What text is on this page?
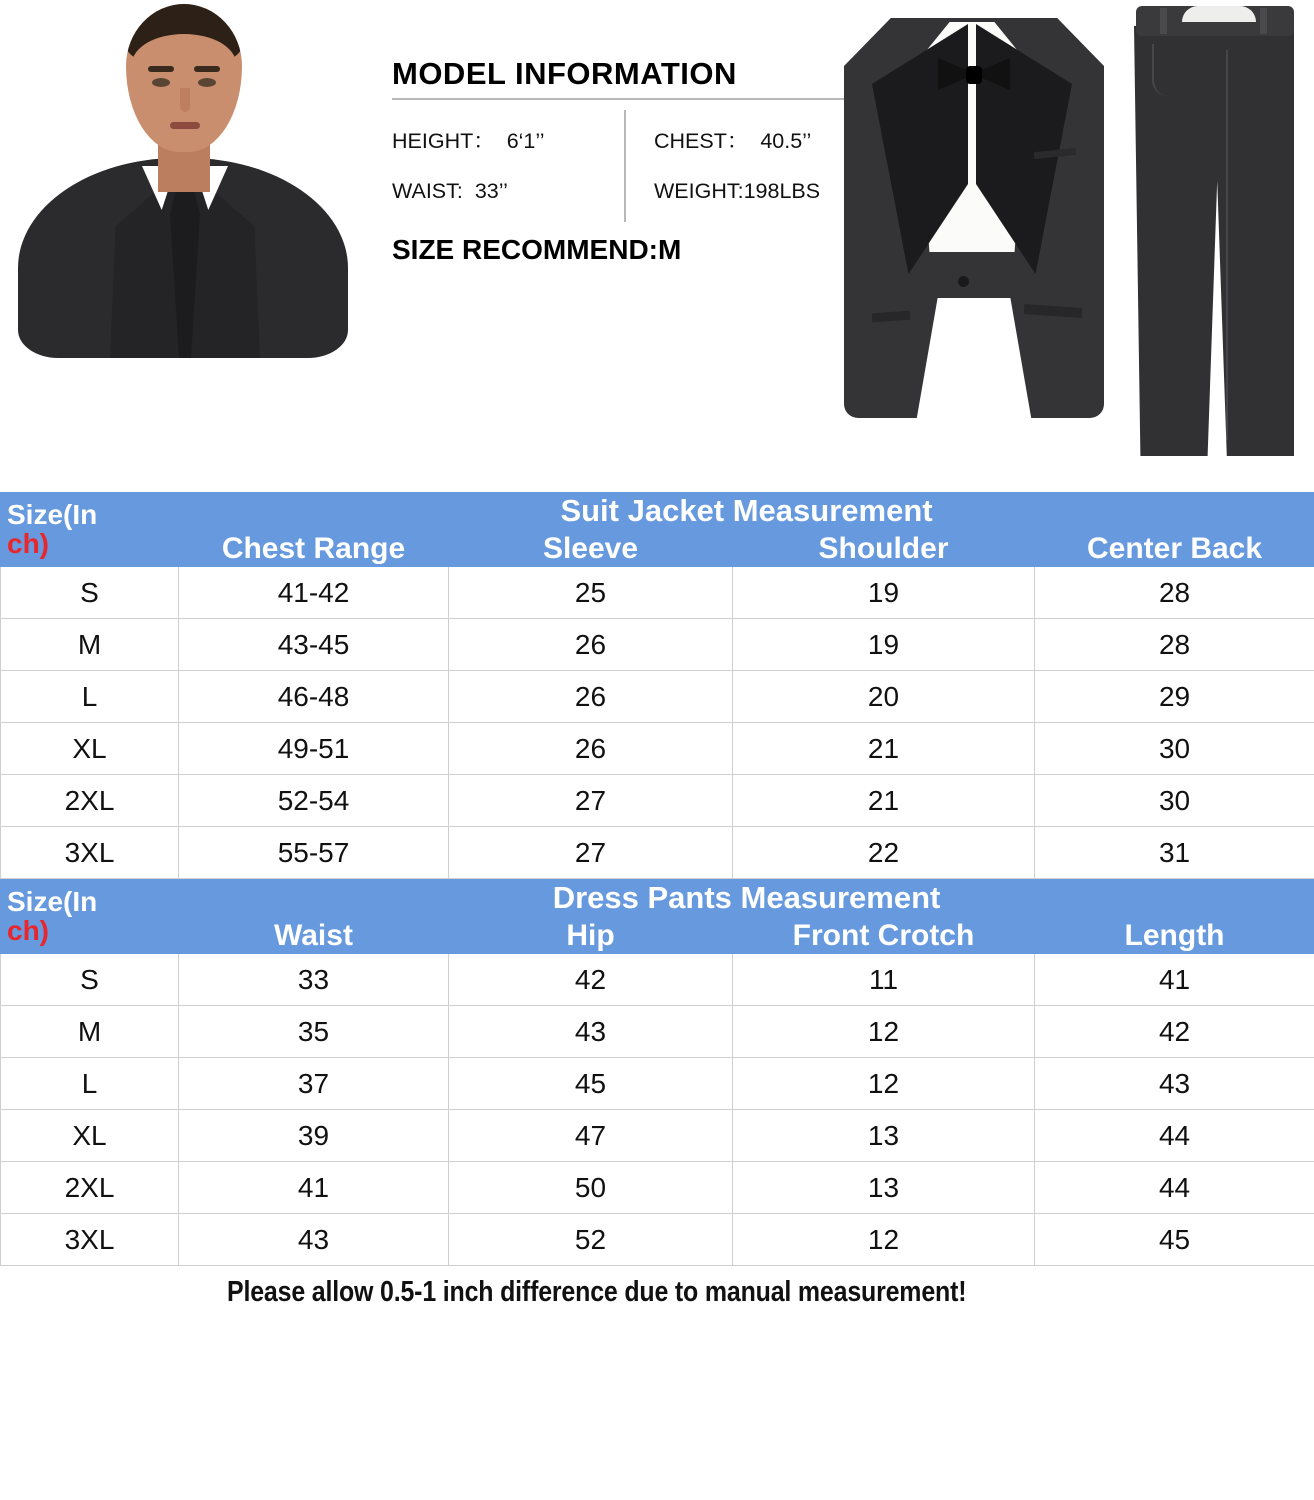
MODEL INFORMATION
HEIGHT： 6‘1’’
WAIST: 33’’
CHEST： 40.5’’
WEIGHT:198LBS
SIZE RECOMMEND:M
Size(In
ch)	Suit Jacket Measurement			
	Chest Range	Sleeve	Shoulder	Center Back
S	41-42	25	19	28
M	43-45	26	19	28
L	46-48	26	20	29
XL	49-51	26	21	30
2XL	52-54	27	21	30
3XL	55-57	27	22	31
Size(In
ch)	Dress Pants Measurement			
	Waist	Hip	Front Crotch	Length
S	33	42	11	41
M	35	43	12	42
L	37	45	12	43
XL	39	47	13	44
2XL	41	50	13	44
3XL	43	52	12	45
Please allow 0.5-1 inch difference due to manual measurement!
